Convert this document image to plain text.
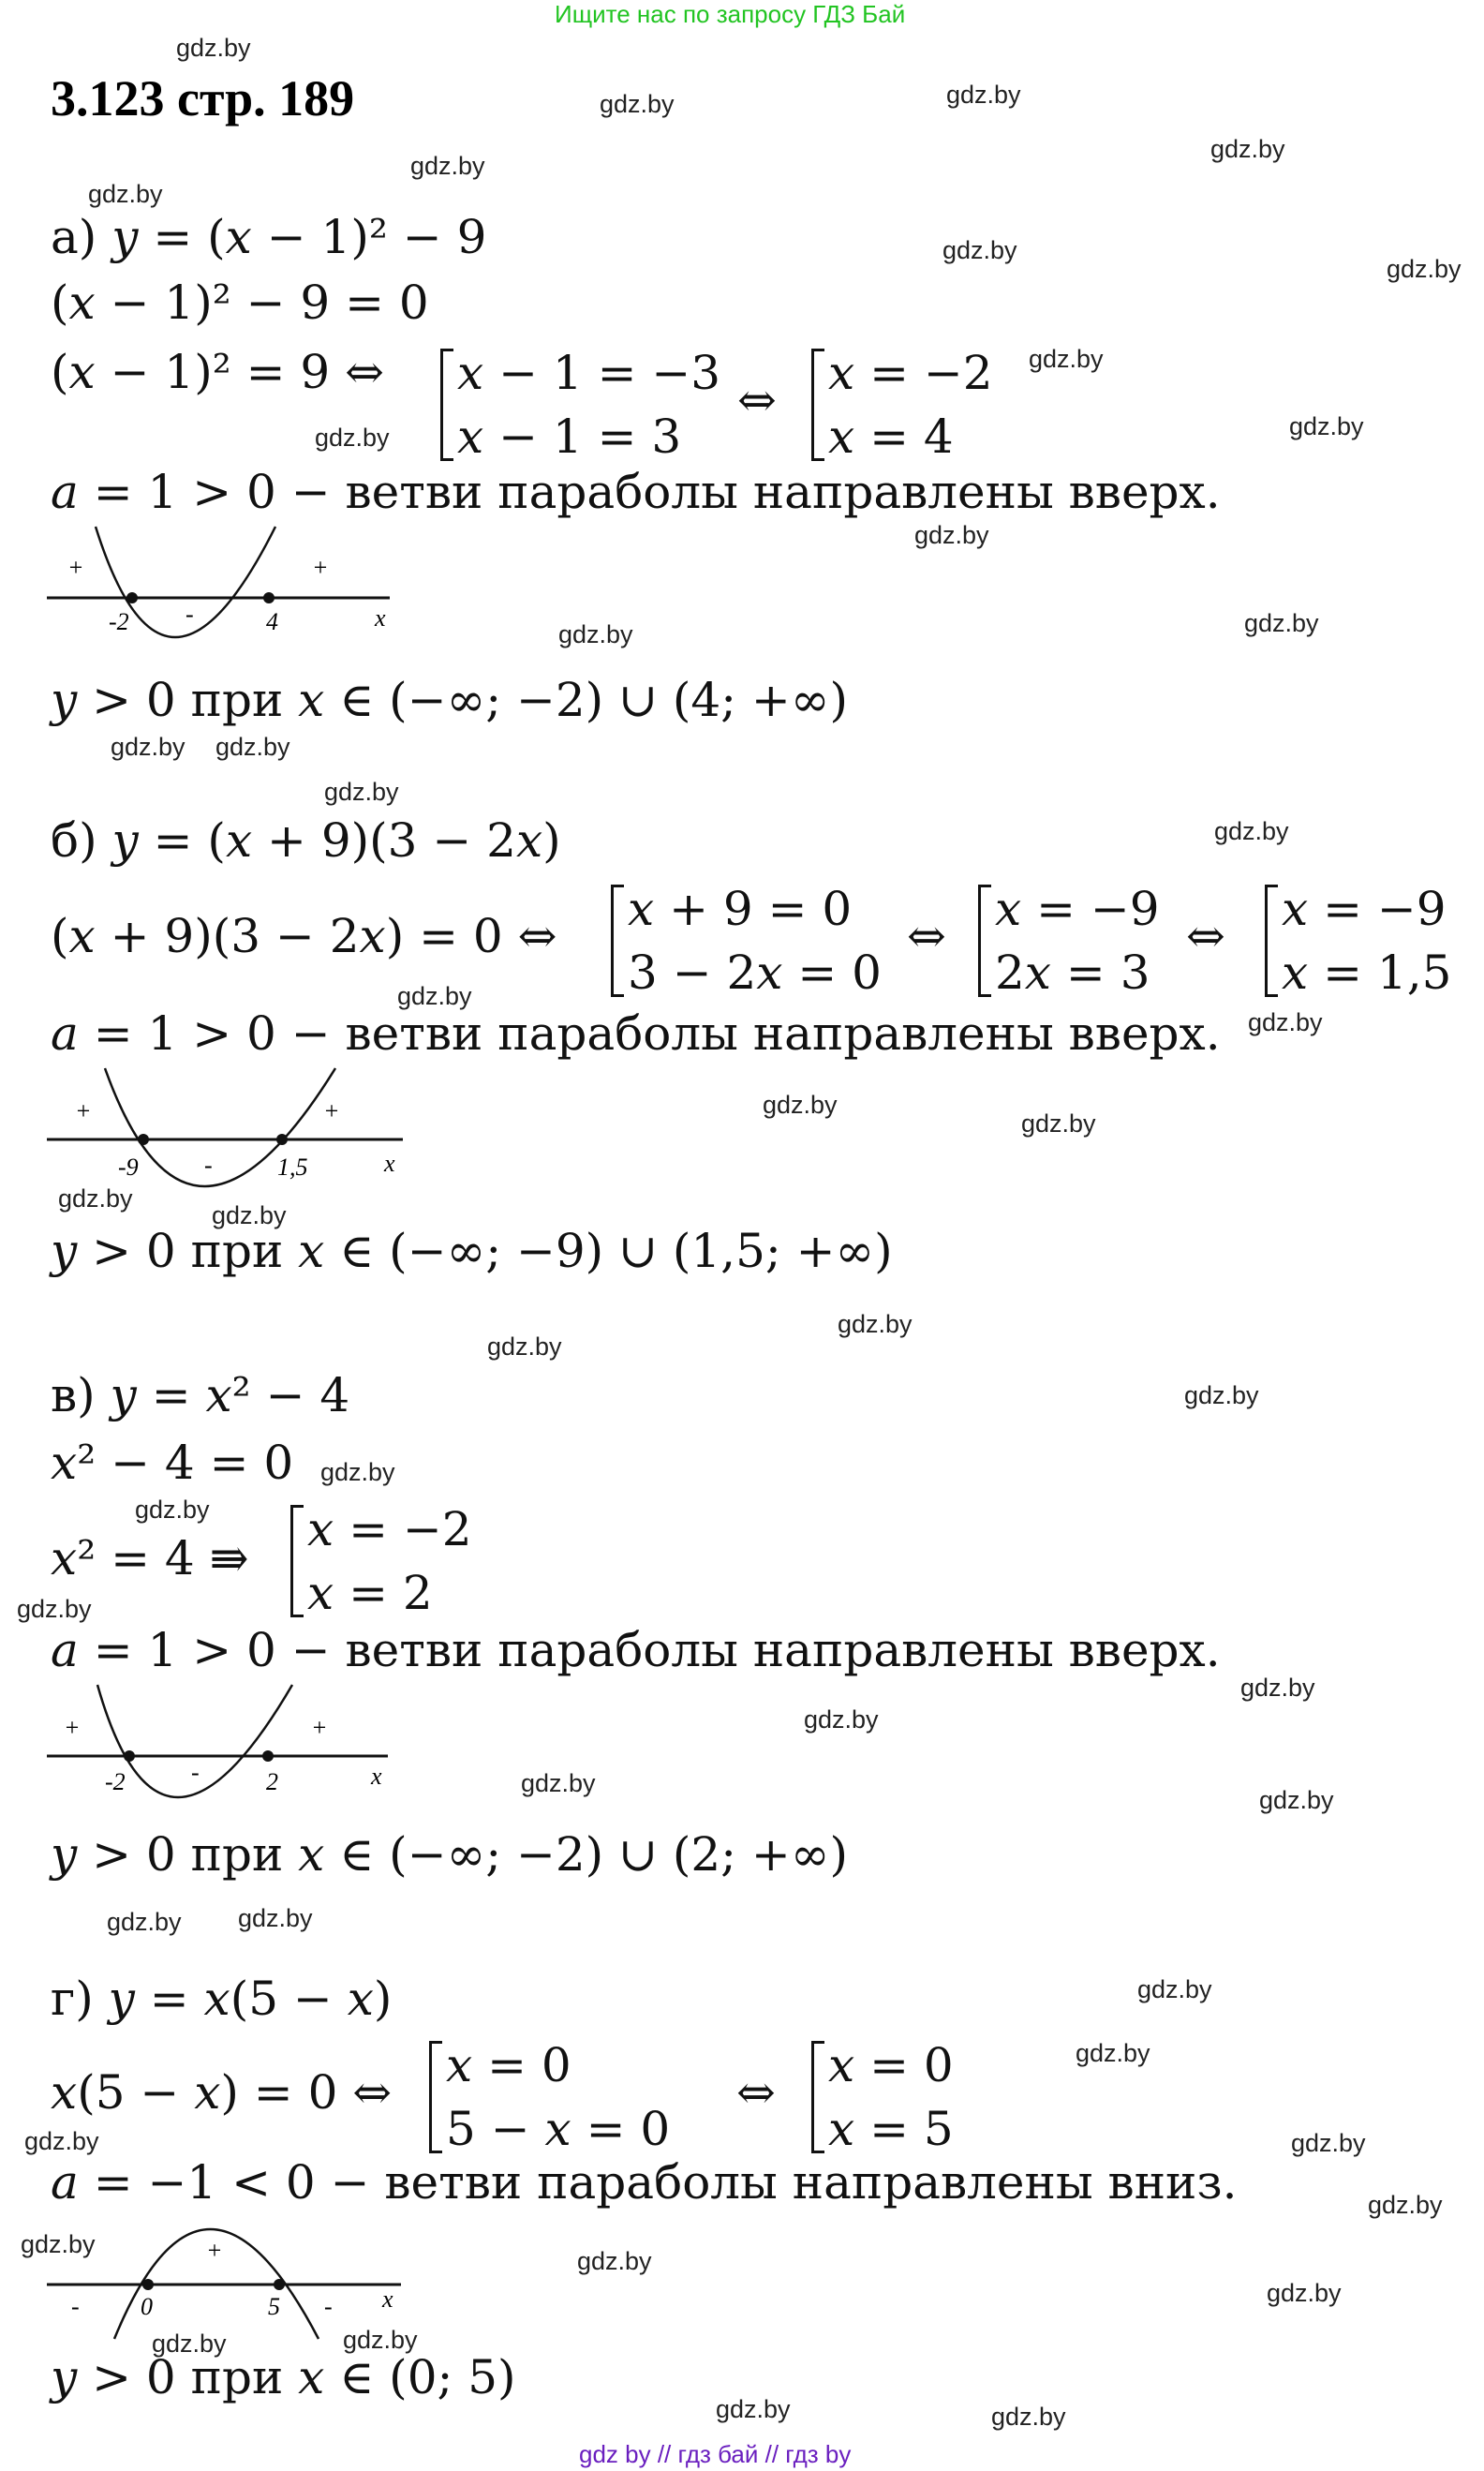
Ищите нас по запросу ГДЗ Бай
3.123 стр. 189
gdz by // гдз бай // гдз by
а) 𝑦 = (𝑥 − 1)² − 9
(𝑥 − 1)² − 9 = 0
(𝑥 − 1)² = 9 ⇔	𝑥 − 1 = −3
𝑥 − 1 = 3
⇔	𝑥 = −2
𝑥 = 4
𝑎 = 1 > 0 − ветви параболы направлены вверх.
+
-
+
-2	4	x
𝑦 > 0 при 𝑥 ∈ (−∞; −2) ∪ (4; +∞)
б) 𝑦 = (𝑥 + 9)(3 − 2𝑥)
(𝑥 + 9)(3 − 2𝑥) = 0 ⇔	𝑥 + 9 = 0
3 − 2𝑥 = 0
⇔	𝑥 = −9
2𝑥 = 3
⇔	𝑥 = −9
𝑥 = 1,5
𝑎 = 1 > 0 − ветви параболы направлены вверх.
+
-
+
-9	1,5	x
𝑦 > 0 при 𝑥 ∈ (−∞; −9) ∪ (1,5; +∞)
в) 𝑦 = 𝑥² − 4
𝑥² − 4 = 0
𝑥² = 4 ⇛
𝑥 = −2
𝑥 = 2
𝑎 = 1 > 0 − ветви параболы направлены вверх.
+
-
+
-2	2	x
𝑦 > 0 при 𝑥 ∈ (−∞; −2) ∪ (2; +∞)
г) 𝑦 = 𝑥(5 − 𝑥)
𝑥(5 − 𝑥) = 0 ⇔	𝑥 = 0
5 − 𝑥 = 0
⇔	𝑥 = 0
𝑥 = 5
𝑎 = −1 < 0 − ветви параболы направлены вниз.
-
+
-
0	5	x
𝑦 > 0 при 𝑥 ∈ (0; 5)
gdz.by
gdz.by	gdz.by
gdz.by
gdz.by
gdz.by
gdz.by
gdz.by
gdz.by
gdz.by	gdz.by
gdz.by
gdz.by
gdz.by
gdz.by gdz.by
gdz.by
gdz.by
gdz.by
gdz.by
gdz.by
gdz.by
gdz.by
gdz.by
gdz.by
gdz.by
gdz.by
gdz.by
gdz.by
gdz.by
gdz.by
gdz.by
gdz.by
gdz.by
gdz.by gdz.by
gdz.by
gdz.by
gdz.by	gdz.by
gdz.by
gdz.by
gdz.by
gdz.by
gdz.by	gdz.by
gdz.by	gdz.by
